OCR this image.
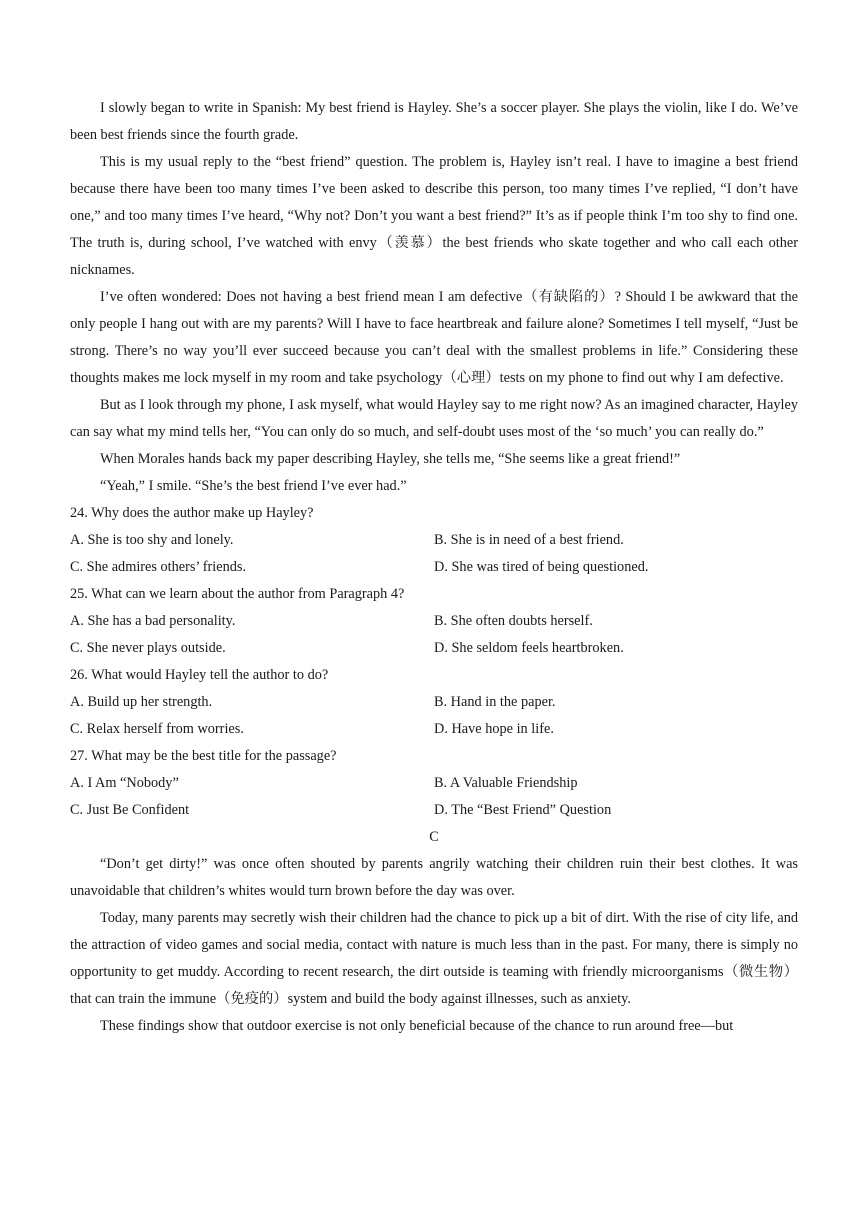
I slowly began to write in Spanish: My best friend is Hayley. She’s a soccer player. She plays the violin, like I do. We’ve been best friends since the fourth grade.

This is my usual reply to the “best friend” question. The problem is, Hayley isn’t real. I have to imagine a best friend because there have been too many times I’ve been asked to describe this person, too many times I’ve replied, “I don’t have one,” and too many times I’ve heard, “Why not? Don’t you want a best friend?” It’s as if people think I’m too shy to find one. The truth is, during school, I’ve watched with envy（羡慕）the best friends who skate together and who call each other nicknames.

I’ve often wondered: Does not having a best friend mean I am defective（有缺陷的）? Should I be awkward that the only people I hang out with are my parents? Will I have to face heartbreak and failure alone? Sometimes I tell myself, “Just be strong. There’s no way you’ll ever succeed because you can’t deal with the smallest problems in life.” Considering these thoughts makes me lock myself in my room and take psychology（心理）tests on my phone to find out why I am defective.

But as I look through my phone, I ask myself, what would Hayley say to me right now? As an imagined character, Hayley can say what my mind tells her, “You can only do so much, and self-doubt uses most of the ‘so much’ you can really do.”

When Morales hands back my paper describing Hayley, she tells me, “She seems like a great friend!”

“Yeah,” I smile. “She’s the best friend I’ve ever had.”

24. Why does the author make up Hayley?

A. She is too shy and lonely.	B. She is in need of a best friend.
C. She admires others’ friends.	D. She was tired of being questioned.

25. What can we learn about the author from Paragraph 4?

A. She has a bad personality.	B. She often doubts herself.
C. She never plays outside.	D. She seldom feels heartbroken.

26. What would Hayley tell the author to do?

A. Build up her strength.	B. Hand in the paper.
C. Relax herself from worries.	D. Have hope in life.

27. What may be the best title for the passage?

A. I Am “Nobody”	B. A Valuable Friendship
C. Just Be Confident	D. The “Best Friend” Question

C

“Don’t get dirty!” was once often shouted by parents angrily watching their children ruin their best clothes. It was unavoidable that children’s whites would turn brown before the day was over.

Today, many parents may secretly wish their children had the chance to pick up a bit of dirt. With the rise of city life, and the attraction of video games and social media, contact with nature is much less than in the past. For many, there is simply no opportunity to get muddy. According to recent research, the dirt outside is teaming with friendly microorganisms（微生物）that can train the immune（免疫的）system and build the body against illnesses, such as anxiety.

These findings show that outdoor exercise is not only beneficial because of the chance to run around free—but
